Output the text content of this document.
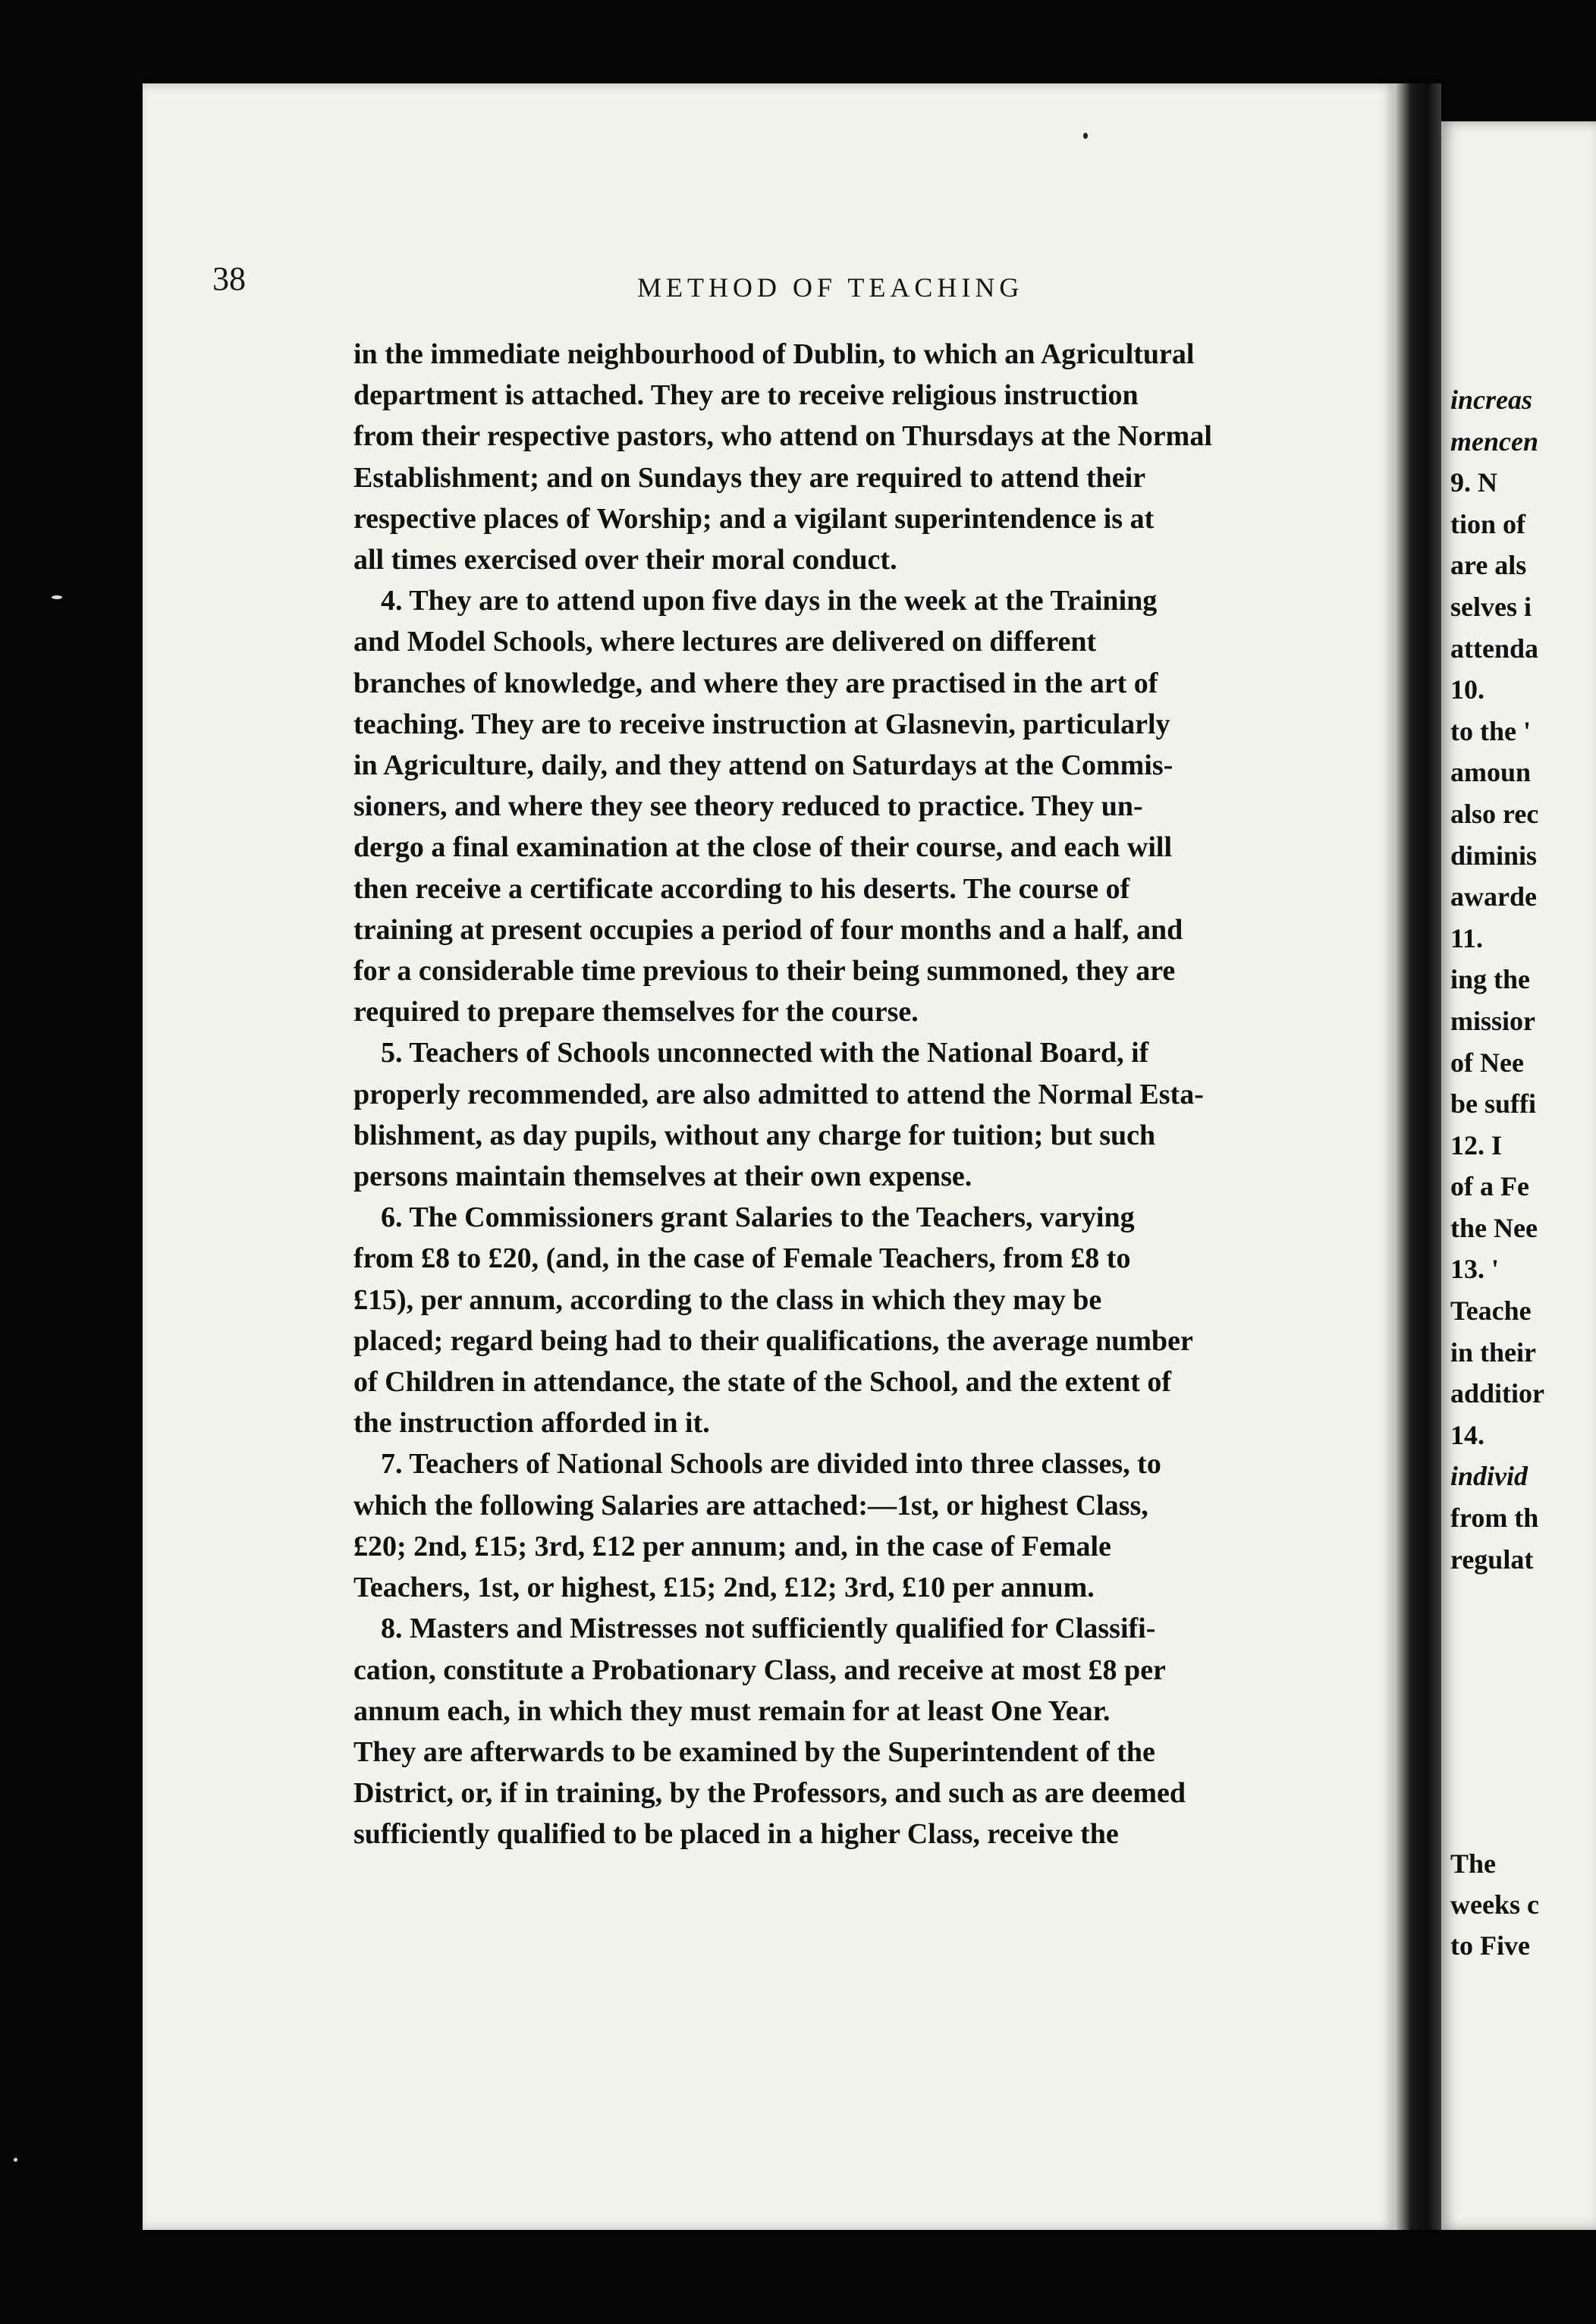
increas
mencen
9. N
tion of
are als
selves i
attenda
10.
to the '
amoun
also rec
diminis
awarde
11.
ing the
missior
of Nee
be suffi
12. I
of a Fe
the Nee
13. '
Teache
in their
additior
14.
individ
from th
regulat
The
weeks c
to Five
38	METHOD OF TEACHING
in the immediate neighbourhood of Dublin, to which an Agricultural
department is attached. They are to receive religious instruction
from their respective pastors, who attend on Thursdays at the Normal
Establishment; and on Sundays they are required to attend their
respective places of Worship; and a vigilant superintendence is at
all times exercised over their moral conduct.
4. They are to attend upon five days in the week at the Training
and Model Schools, where lectures are delivered on different
branches of knowledge, and where they are practised in the art of
teaching. They are to receive instruction at Glasnevin, particularly
in Agriculture, daily, and they attend on Saturdays at the Commis-
sioners, and where they see theory reduced to practice. They un-
dergo a final examination at the close of their course, and each will
then receive a certificate according to his deserts. The course of
training at present occupies a period of four months and a half, and
for a considerable time previous to their being summoned, they are
required to prepare themselves for the course.
5. Teachers of Schools unconnected with the National Board, if
properly recommended, are also admitted to attend the Normal Esta-
blishment, as day pupils, without any charge for tuition; but such
persons maintain themselves at their own expense.
6. The Commissioners grant Salaries to the Teachers, varying
from £8 to £20, (and, in the case of Female Teachers, from £8 to
£15), per annum, according to the class in which they may be
placed; regard being had to their qualifications, the average number
of Children in attendance, the state of the School, and the extent of
the instruction afforded in it.
7. Teachers of National Schools are divided into three classes, to
which the following Salaries are attached:—1st, or highest Class,
£20; 2nd, £15; 3rd, £12 per annum; and, in the case of Female
Teachers, 1st, or highest, £15; 2nd, £12; 3rd, £10 per annum.
8. Masters and Mistresses not sufficiently qualified for Classifi-
cation, constitute a Probationary Class, and receive at most £8 per
annum each, in which they must remain for at least One Year.
They are afterwards to be examined by the Superintendent of the
District, or, if in training, by the Professors, and such as are deemed
sufficiently qualified to be placed in a higher Class, receive the
